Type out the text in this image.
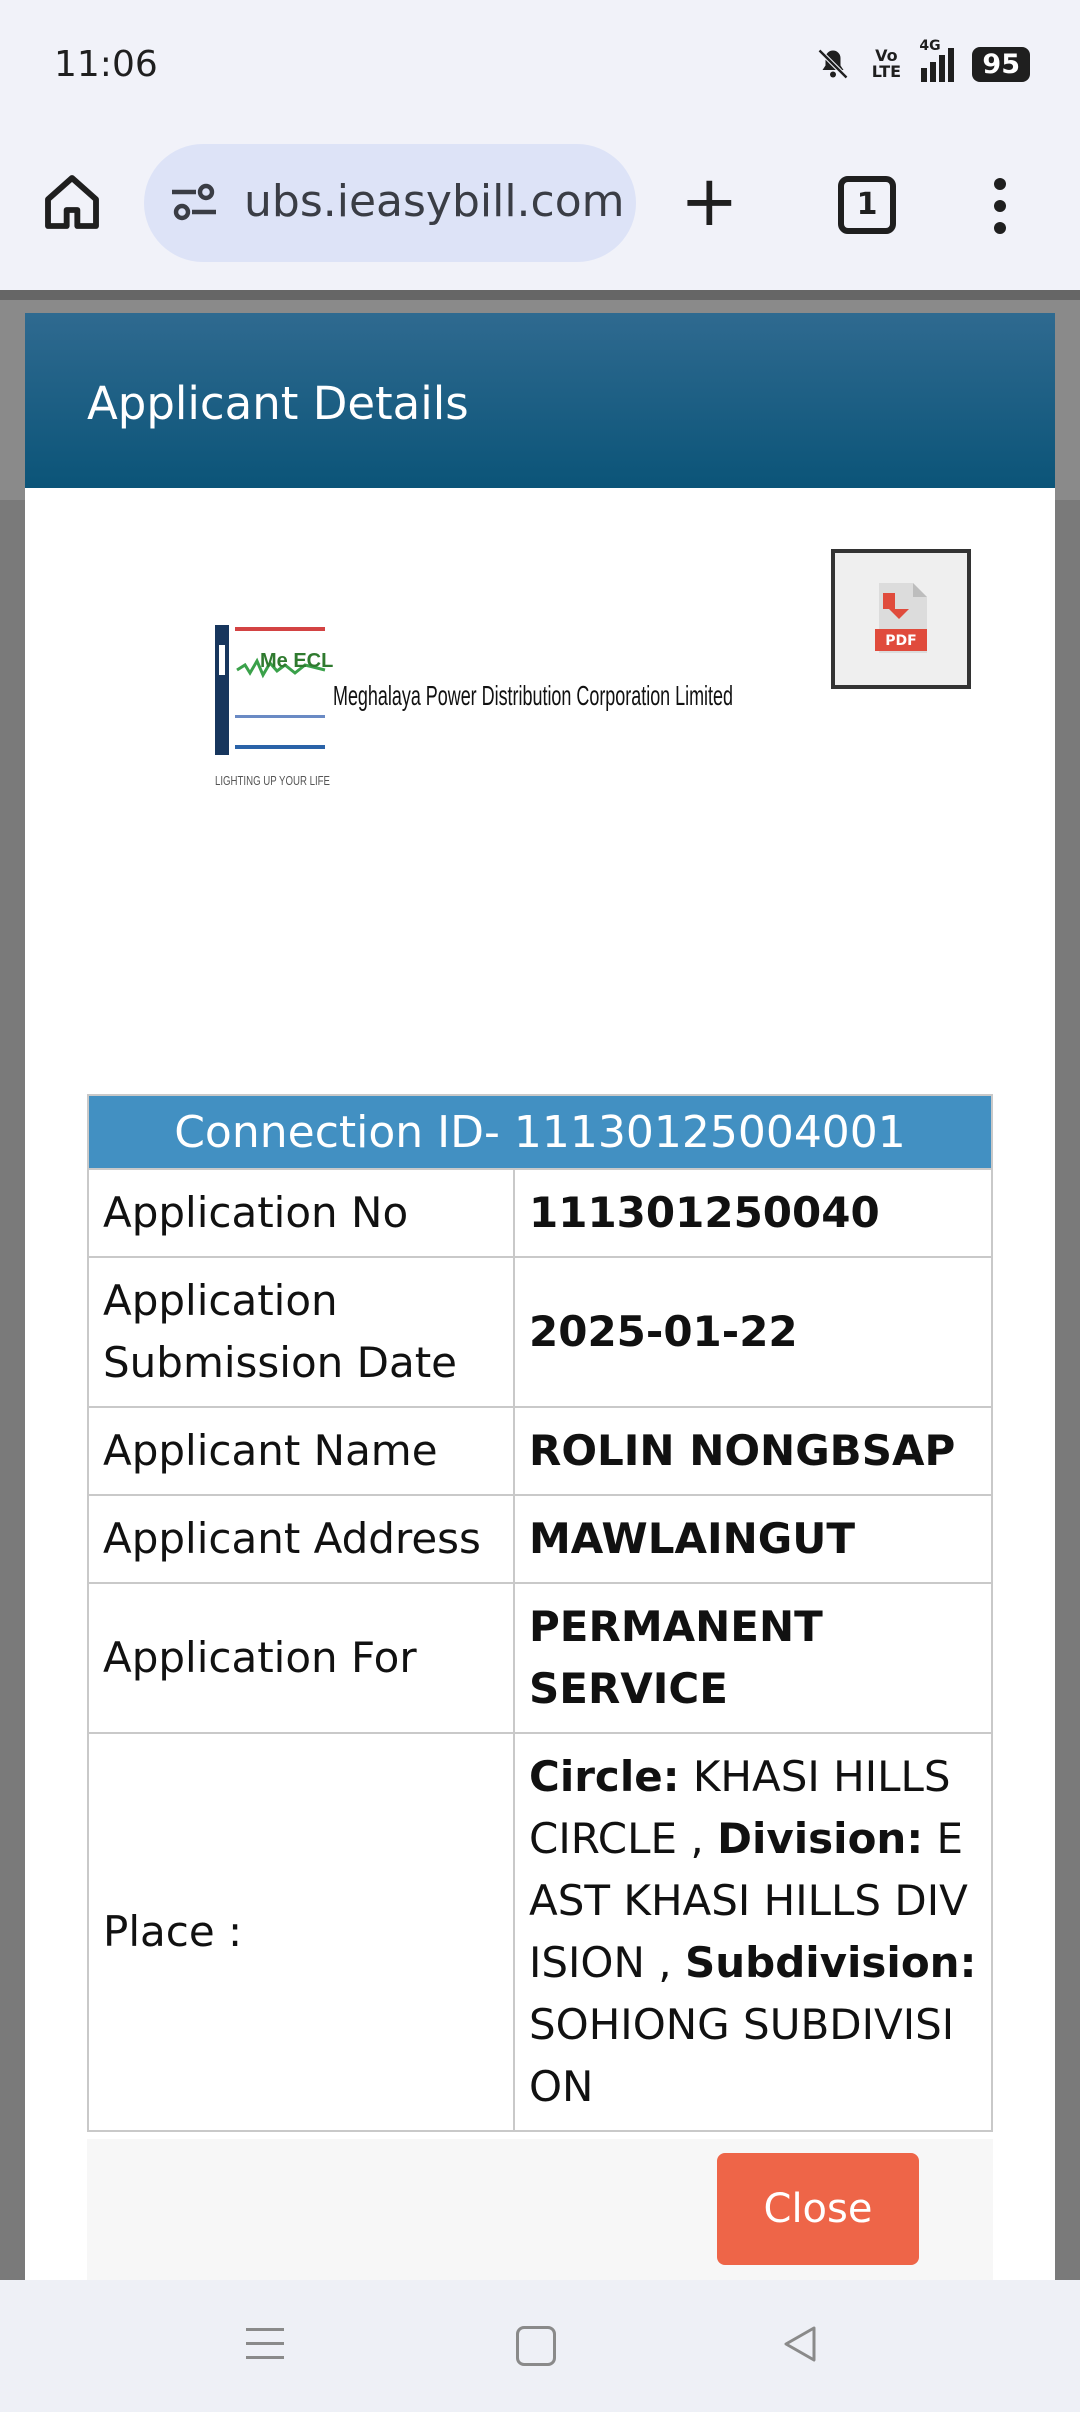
11:06	Vo LTE
4G
95
ubs.ieasybill.com +	1
Applicant Details
Me ECL
Meghalaya Power Distribution Corporation Limited
LIGHTING UP YOUR LIFE
PDF
Connection ID- 11130125004001	
Application No	111301250040
Application Submission Date	2025-01-22
Applicant Name	ROLIN NONGBSAP
Applicant Address	MAWLAINGUT
Application For	PERMANENT SERVICE
Place :	Circle: KHASI HILLS CIRCLE , Division: EAST KHASI HILLS DIVISION , Subdivision: SOHIONG SUBDIVISION
Close
